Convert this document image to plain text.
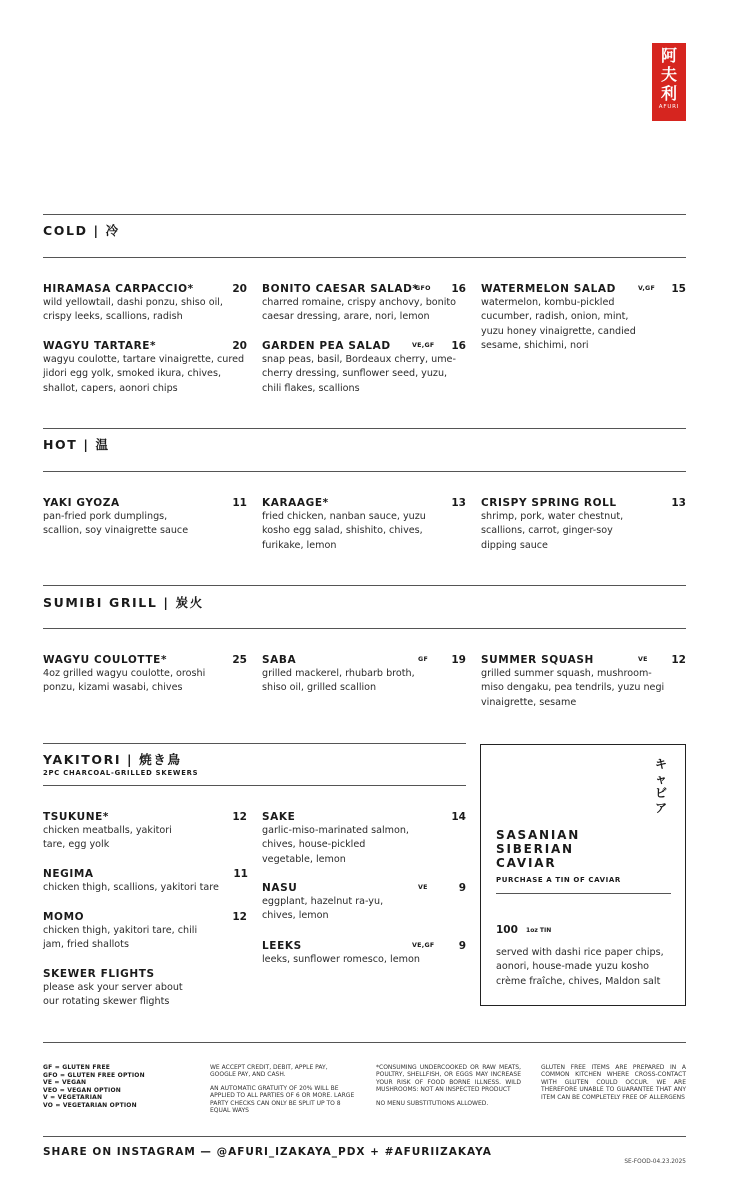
阿
夫
利
AFURI
COLD | 冷
HIRAMASA CARPACCIO*	20
wild yellowtail, dashi ponzu, shiso oil, crispy leeks, scallions, radish
WAGYU TARTARE*	20
wagyu coulotte, tartare vinaigrette, cured jidori egg yolk, smoked ikura, chives, shallot, capers, aonori chips
BONITO CAESAR SALAD*
GFO 16
charred romaine, crispy anchovy, bonito caesar dressing, arare, nori, lemon
GARDEN PEA SALAD	VE,GF 16
snap peas, basil, Bordeaux cherry, ume-cherry dressing, sunflower seed, yuzu, chili flakes, scallions
WATERMELON SALAD	V,GF 15
watermelon, kombu-pickled cucumber, radish, onion, mint, yuzu honey vinaigrette, candied sesame, shichimi, nori
HOT | 温
YAKI GYOZA	11
pan-fried pork dumplings, scallion, soy vinaigrette sauce
KARAAGE*	13
fried chicken, nanban sauce, yuzu kosho egg salad, shishito, chives, furikake, lemon
CRISPY SPRING ROLL	13
shrimp, pork, water chestnut, scallions, carrot, ginger-soy dipping sauce
SUMIBI GRILL | 炭火
WAGYU COULOTTE*	25
4oz grilled wagyu coulotte, oroshi ponzu, kizami wasabi, chives
SABA	GF 19
grilled mackerel, rhubarb broth, shiso oil, grilled scallion
SUMMER SQUASH	VE 12
grilled summer squash, mushroom-miso dengaku, pea tendrils, yuzu negi vinaigrette, sesame
YAKITORI | 焼き鳥
2PC CHARCOAL-GRILLED SKEWERS
TSUKUNE*	12
chicken meatballs, yakitori tare, egg yolk
NEGIMA	11
chicken thigh, scallions, yakitori tare
MOMO	12
chicken thigh, yakitori tare, chili jam, fried shallots
SKEWER FLIGHTS
please ask your server about our rotating skewer flights
SAKE	14
garlic-miso-marinated salmon, chives, house-pickled vegetable, lemon
NASU	VE	9
eggplant, hazelnut ra-yu, chives, lemon
LEEKS	VE,GF 9
leeks, sunflower romesco, lemon
キ
ャ
ビ
ア
SASANIAN
SIBERIAN
CAVIAR
PURCHASE A TIN OF CAVIAR
100 1oz TIN
served with dashi rice paper chips, aonori, house-made yuzu kosho crème fraîche, chives, Maldon salt
GF = GLUTEN FREE
GFO = GLUTEN FREE OPTION
VE = VEGAN
VEO = VEGAN OPTION
V = VEGETARIAN
VO = VEGETARIAN OPTION
WE ACCEPT CREDIT, DEBIT, APPLE PAY, GOOGLE PAY, AND CASH.
AN AUTOMATIC GRATUITY OF 20% WILL BE APPLIED TO ALL PARTIES OF 6 OR MORE. LARGE PARTY CHECKS CAN ONLY BE SPLIT UP TO 8 EQUAL WAYS
*CONSUMING UNDERCOOKED OR RAW MEATS, POULTRY, SHELLFISH, OR EGGS MAY INCREASE YOUR RISK OF FOOD BORNE ILLNESS. WILD MUSHROOMS: NOT AN INSPECTED PRODUCT
NO MENU SUBSTITUTIONS ALLOWED.
GLUTEN FREE ITEMS ARE PREPARED IN A COMMON KITCHEN WHERE CROSS-CONTACT WITH GLUTEN COULD OCCUR. WE ARE THEREFORE UNABLE TO GUARANTEE THAT ANY ITEM CAN BE COMPLETELY FREE OF ALLERGENS
SHARE ON INSTAGRAM — @AFURI_IZAKAYA_PDX + #AFURIIZAKAYA
SE-FOOD-04.23.2025
